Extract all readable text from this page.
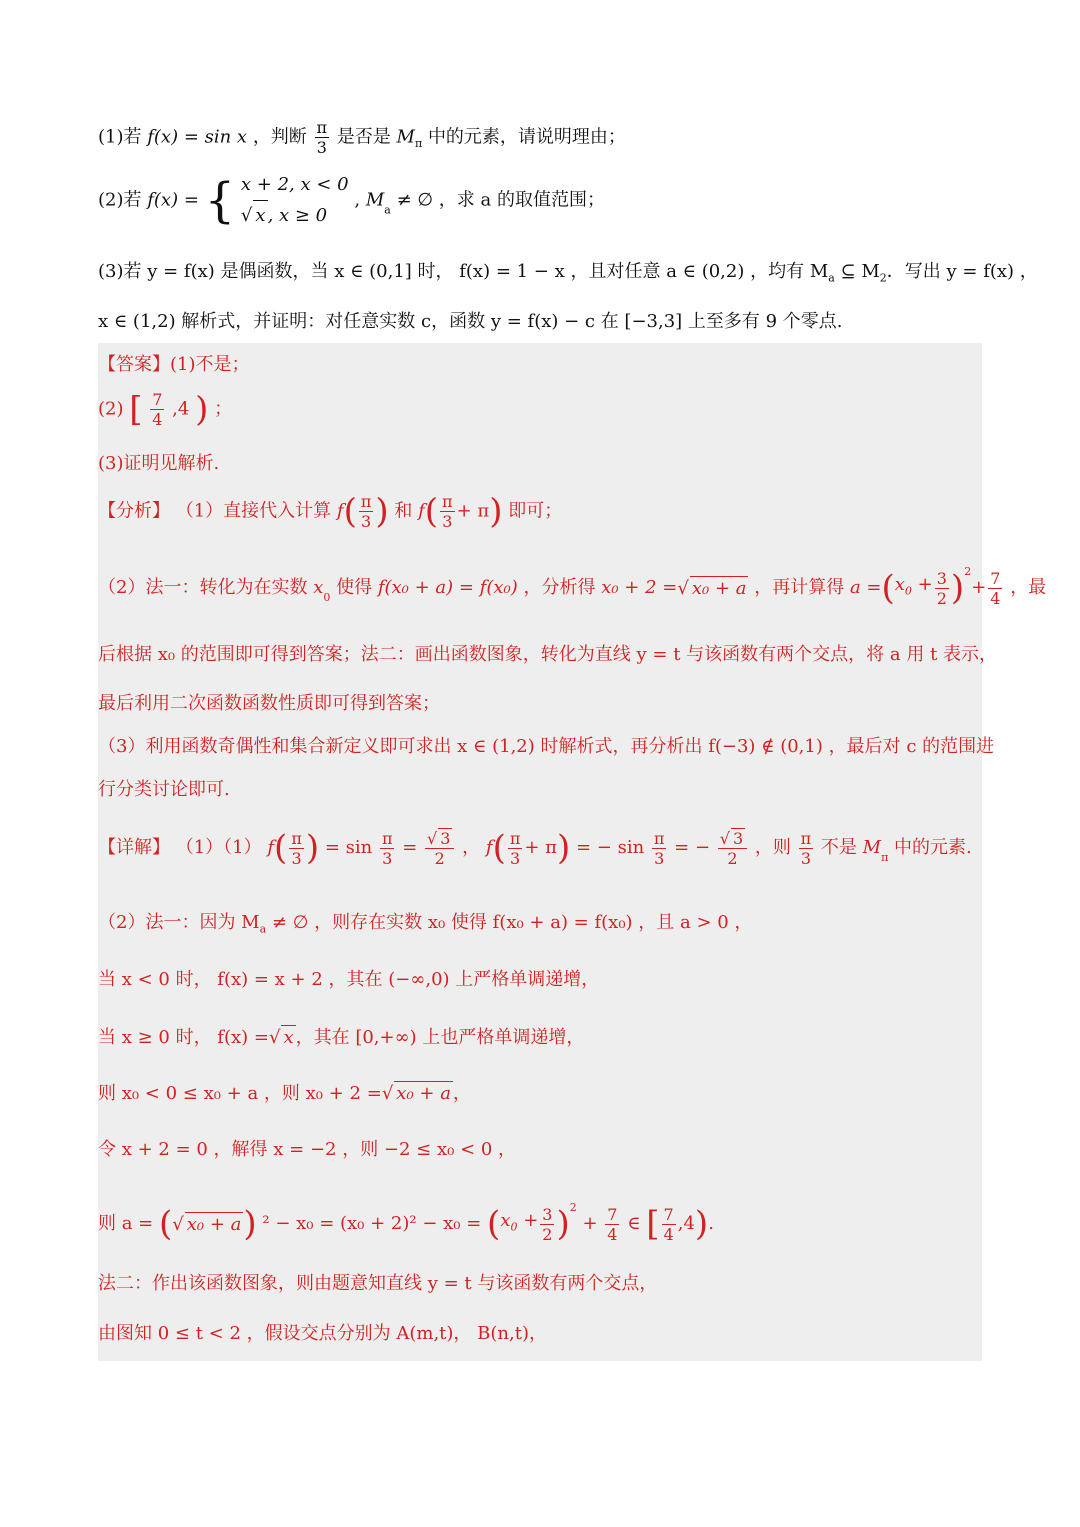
(1)若 f(x) = sin x ，判断 $\frac{\pi}{3}$ 是否是 $M_\pi$ 中的元素，请说明理由；
(2)若 f(x) = { x + 2, x < 0
√ x , x ≥ 0
, $M_a$ ≠ ∅ ，求 a 的取值范围；
(3)若 y = f(x) 是偶函数，当 x ∈ (0,1] 时， f(x) = 1 − x ，且对任意 a ∈ (0,2) ，均有 $M_a$ ⊆ $M_2$．写出 y = f(x) ，
x ∈ (1,2) 解析式，并证明：对任意实数 c，函数 y = f(x) − c 在 [−3,3] 上至多有 9 个零点.
【答案】(1)不是；
(2) [ $\frac{7}{4} ,4$ ) ；
(3)证明见解析.
【分析】 （1）直接代入计算 $f( \frac{\pi}{3}$ ) 和 $f( \frac{\pi}{3} + \pi)$ 即可；
（2）法一：转化为在实数 $x_0$ 使得 f(x₀ + a) = f(x₀) ，分析得 x₀ + 2 =√ x₀ + a ，再计算得 $a =(x_0 + \frac{3}{2} )^2+ \frac{7}{4}$ ，最
后根据 x₀ 的范围即可得到答案；法二：画出函数图象，转化为直线 y = t 与该函数有两个交点，将 a 用 t 表示，
最后利用二次函数函数性质即可得到答案；
（3）利用函数奇偶性和集合新定义即可求出 x ∈ (1,2) 时解析式，再分析出 f(−3) ∉ (0,1) ，最后对 c 的范围进
行分类讨论即可.
【详解】 （1）（1） $f( \frac{\pi}{3}$ ) = $\sin \frac{\pi}{3} = \frac{√ 3}{2}$ ， $f( \frac{\pi}{3} + \pi)$ = − $\sin \frac{\pi}{3}$ = − $\frac{√ 3}{2}$ ，则 $\frac{\pi}{3}$ 不是 $M_\pi$ 中的元素.
（2）法一：因为 $M_a$ ≠ ∅ ，则存在实数 x₀ 使得 f(x₀ + a) = f(x₀) ，且 a > 0 ，
当 x < 0 时， f(x) = x + 2 ，其在 (−∞,0) 上严格单调递增，
当 x ≥ 0 时， f(x) =√ x ，其在 [0,+∞) 上也严格单调递增，
则 x₀ < 0 ≤ x₀ + a ，则 x₀ + 2 =√ x₀ + a ，
令 x + 2 = 0 ，解得 x = −2 ，则 −2 ≤ x₀ < 0 ，
则 a = (√ x₀ + a) $^2 - x_0 = (x_0 + 2)^2 - x_0 = (x_0 + \frac{3}{2} )^2 + \frac{7}{4}$ ∈ [ $\frac{7}{4} ,4$).
法二：作出该函数图象，则由题意知直线 y = t 与该函数有两个交点，
由图知 0 ≤ t < 2 ，假设交点分别为 A(m,t)， B(n,t)，
